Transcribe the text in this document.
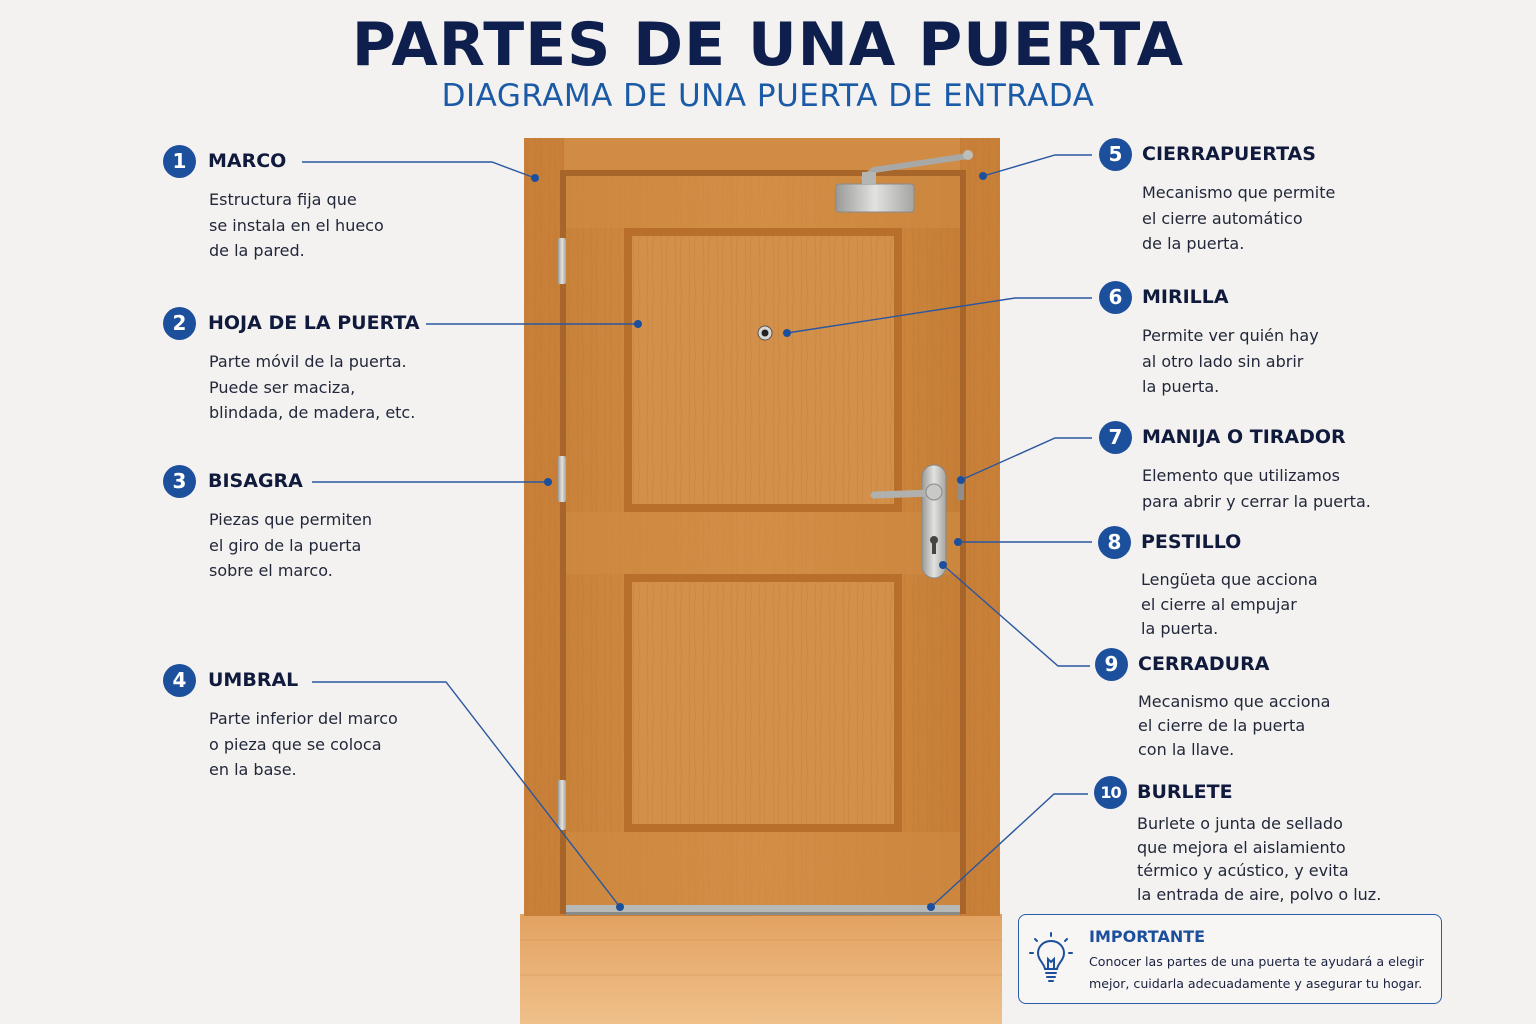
PARTES DE UNA PUERTA
DIAGRAMA DE UNA PUERTA DE ENTRADA
1	MARCO
Estructura fija que
se instala en el hueco
de la pared.
2	HOJA DE LA PUERTA
Parte móvil de la puerta.
Puede ser maciza,
blindada, de madera, etc.
3	BISAGRA
Piezas que permiten
el giro de la puerta
sobre el marco.
4	UMBRAL
Parte inferior del marco
o pieza que se coloca
en la base.
5	CIERRAPUERTAS
Mecanismo que permite
el cierre automático
de la puerta.
6	MIRILLA
Permite ver quién hay
al otro lado sin abrir
la puerta.
7	MANIJA O TIRADOR
Elemento que utilizamos
para abrir y cerrar la puerta.
8	PESTILLO
Lengüeta que acciona
el cierre al empujar
la puerta.
9	CERRADURA
Mecanismo que acciona
el cierre de la puerta
con la llave.
10 BURLETE
Burlete o junta de sellado
que mejora el aislamiento
térmico y acústico, y evita
la entrada de aire, polvo o luz.
IMPORTANTE
Conocer las partes de una puerta te ayudará a elegir
mejor, cuidarla adecuadamente y asegurar tu hogar.
